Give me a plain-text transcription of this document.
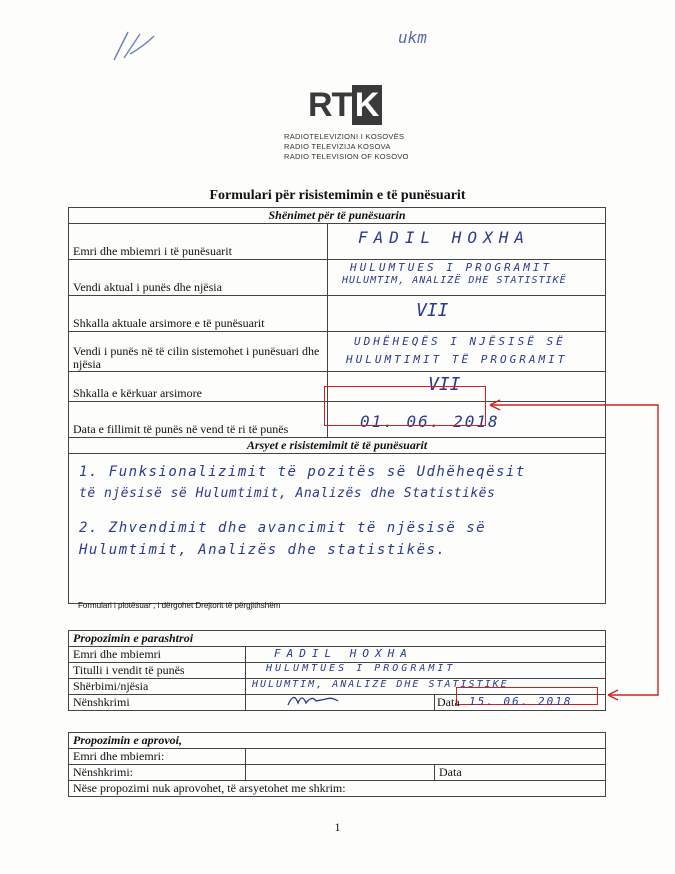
ukm
RT K
RADIOTELEVIZIONI I KOSOVËS
RADIO TELEVIZIJA KOSOVA
RADIO TELEVISION OF KOSOVO
Formulari për risistemimin e të punësuarit
Shënimet për të punësuarin	
Emri dhe mbiemri i të punësuarit	FADIL HOXHA

Vendi aktual i punës dhe njësia	HULUMTUES I PROGRAMIT
HULUMTIM, ANALIZË DHE STATISTIKË

Shkalla aktuale arsimore e të punësuarit	VII

Vendi i punës në të cilin sistemohet i punësuari dhe njësia	UDHËHEQËS I NJËSISË SË
HULUMTIMIT TË PROGRAMIT

Shkalla e kërkuar arsimore	VII

Data e fillimit të punës në vend të ri të punës	01. 06. 2018

Arsyet e risistemimit të të punësuarit	

1. Funksionalizimit të pozitës së Udhëheqësit
të njësisë së Hulumtimit, Analizës dhe Statistikës
2. Zhvendimit dhe avancimit të njësisë së
Hulumtimit, Analizës dhe statistikës.	
Formulari i plotësuar , i dërgohet Drejtorit të përgjithshëm
Propozimin e parashtroi		
Emri dhe mbiemri	FADIL HOXHA	

Titulli i vendit të punës	HULUMTUES I PROGRAMIT	

Shërbimi/njësia	HULUMTIM, ANALIZË DHE STATISTIKË	

Nënshkrimi		Data 15. 06. 2018
Propozimin e aprovoi,		
Emri dhe mbiemri:		
Nënshkrimi:		Data
Nëse propozimi nuk aprovohet, të arsyetohet me shkrim:		
1
